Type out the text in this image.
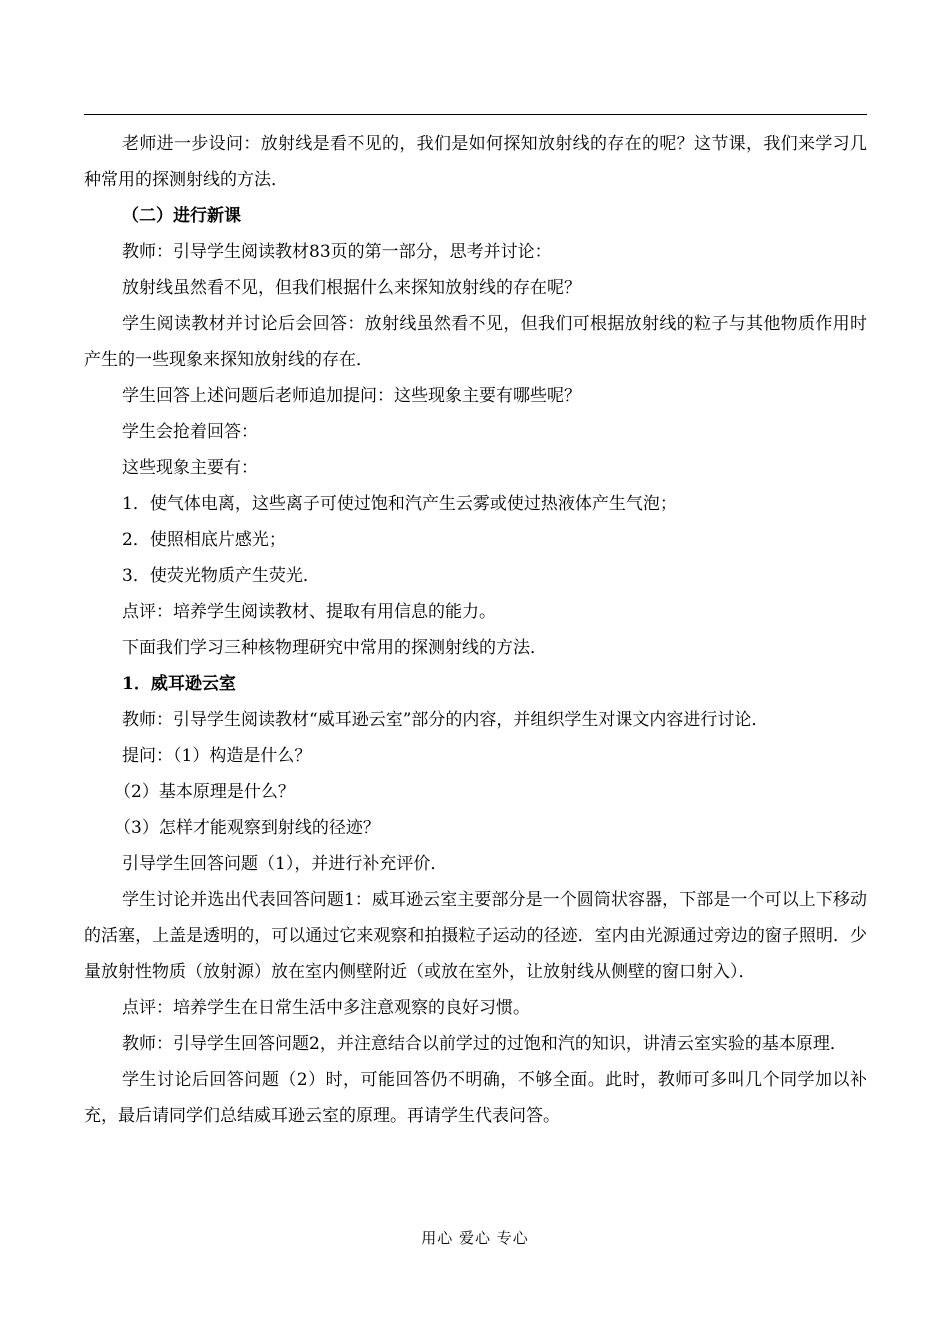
老师进一步设问：放射线是看不见的，我们是如何探知放射线的存在的呢？这节课，我们来学习几种常用的探测射线的方法．

（二）进行新课

教师：引导学生阅读教材83页的第一部分，思考并讨论：

放射线虽然看不见，但我们根据什么来探知放射线的存在呢？

学生阅读教材并讨论后会回答：放射线虽然看不见，但我们可根据放射线的粒子与其他物质作用时产生的一些现象来探知放射线的存在．

学生回答上述问题后老师追加提问：这些现象主要有哪些呢？

学生会抢着回答：

这些现象主要有：

1．使气体电离，这些离子可使过饱和汽产生云雾或使过热液体产生气泡；

2．使照相底片感光；

3．使荧光物质产生荧光．

点评：培养学生阅读教材、提取有用信息的能力。

下面我们学习三种核物理研究中常用的探测射线的方法．

1．威耳逊云室

教师：引导学生阅读教材“威耳逊云室”部分的内容，并组织学生对课文内容进行讨论．

提问：（1）构造是什么？

（2）基本原理是什么？

（3）怎样才能观察到射线的径迹？

引导学生回答问题（1），并进行补充评价．

学生讨论并选出代表回答问题1：威耳逊云室主要部分是一个圆筒状容器，下部是一个可以上下移动的活塞，上盖是透明的，可以通过它来观察和拍摄粒子运动的径迹．室内由光源通过旁边的窗子照明．少量放射性物质（放射源）放在室内侧壁附近（或放在室外，让放射线从侧壁的窗口射入）．

点评：培养学生在日常生活中多注意观察的良好习惯。

教师：引导学生回答问题2，并注意结合以前学过的过饱和汽的知识，讲清云室实验的基本原理．

学生讨论后回答问题（2）时，可能回答仍不明确，不够全面。此时，教师可多叫几个同学加以补充，最后请同学们总结威耳逊云室的原理。再请学生代表问答。

用心 爱心 专心
